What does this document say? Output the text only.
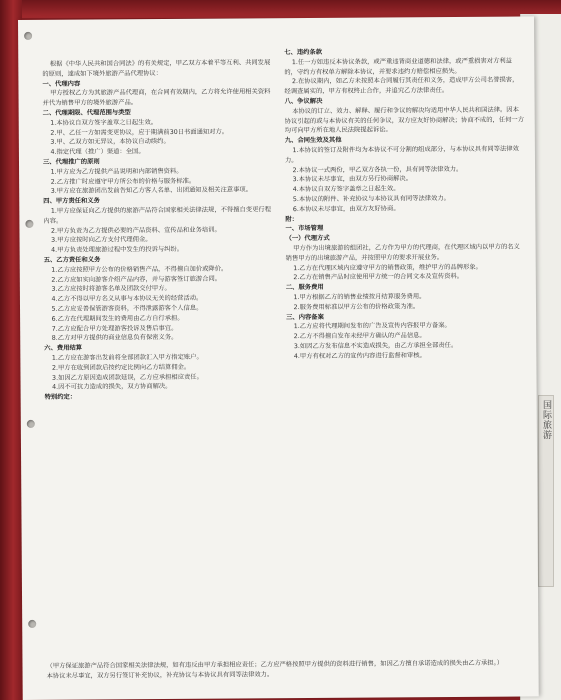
国际旅游

根据《中华人民共和国合同法》的有关规定，甲乙双方本着平等互利、共同发展的原则，達成如下境外旅游产品代理协议：

一、代理内容

甲方授权乙方为其旅游产品代理商，在合同有效期内，乙方将允许使用相关资料并代为销售甲方的境外旅游产品。

二、代理期限、代理范围与类型

1.本协议自双方签字盖章之日起生效。

2.甲、乙任一方如需变更协议，应于期满前30日书面通知对方。

3.甲、乙双方如无异议，本协议自动续约。

4.指定代理（推广）渠道：全国。

三、代理推广的原则

1.甲方应为乙方提供产品说明和内部销售资料。

2.乙方推广时应遵守甲方所公布的价格与服务标准。

3.甲方应在旅游团出发前告知乙方客人名单、出团通知及相关注意事项。

四、甲方责任和义务

1.甲方应保证向乙方提供的旅游产品符合国家相关法律法规，不得擅自变更行程内容。

2.甲方负责为乙方提供必要的产品资料、宣传品和业务培训。

3.甲方应按时向乙方支付代理佣金。

4.甲方负责处理旅游过程中发生的投诉与纠纷。

五、乙方责任和义务

1.乙方应按照甲方公布的价格销售产品，不得擅自加价或降价。

2.乙方应如实向游客介绍产品内容，并与游客签订旅游合同。

3.乙方应按时将游客名单及团款交付甲方。

4.乙方不得以甲方名义从事与本协议无关的经营活动。

5.乙方应妥善保管游客资料，不得泄露游客个人信息。

6.乙方在代理期间发生的费用由乙方自行承担。

7.乙方应配合甲方处理游客投诉及售后事宜。

8.乙方对甲方提供的商业信息负有保密义务。

六、费用结算

1.乙方应在游客出发前将全部团款汇入甲方指定账户。

2.甲方在收到团款后按约定比例向乙方结算佣金。

3.如因乙方原因造成团款延误，乙方应承担相应责任。

4.因不可抗力造成的损失，双方协商解决。

特别约定：

七、违约条款

1.任一方如违反本协议条款，或严重违背商业道德和法律，或严重损害对方利益的，守约方有权单方解除本协议，并要求违约方赔偿相应损失。

2.在协议期内，如乙方未按照本合同履行其责任和义务，造成甲方公司名誉损害，经调查属实的，甲方有权终止合作，并追究乙方法律责任。

八、争议解决

本协议的订立、效力、解释、履行和争议的解决均适用中华人民共和国法律。因本协议引起的或与本协议有关的任何争议，双方应友好协商解决；协商不成的，任何一方均可向甲方所在地人民法院提起诉讼。

九、合同生效及其他

1.本协议的签订及附件均为本协议不可分割的组成部分，与本协议具有同等法律效力。

2.本协议一式两份，甲乙双方各执一份，具有同等法律效力。

3.本协议未尽事宜，由双方另行协商解决。

4.本协议自双方签字盖章之日起生效。

5.本协议的附件、补充协议与本协议具有同等法律效力。

6.本协议未尽事宜，由双方友好协商。

附：

一、市场管理

（一）代理方式

甲方作为出境旅游的组团社，乙方作为甲方的代理商，在代理区域内以甲方的名义销售甲方的出境旅游产品，并按照甲方的要求开展业务。

1.乙方在代理区域内应遵守甲方的销售政策，维护甲方的品牌形象。

2.乙方在销售产品时应使用甲方统一的合同文本及宣传资料。

二、服务费用

1.甲方根据乙方的销售业绩按月结算服务费用。

2.服务费用标准以甲方公布的价格政策为准。

三、内容备案

1.乙方应将代理期间发布的广告及宣传内容报甲方备案。

2.乙方不得擅自发布未经甲方确认的产品信息。

3.如因乙方发布信息不实造成损失，由乙方承担全部责任。

4.甲方有权对乙方的宣传内容进行监督和审核。

（甲方保证旅游产品符合国家相关法律法规，如有违反由甲方承担相应责任；乙方应严格按照甲方提供的资料进行销售，如因乙方擅自承诺造成的损失由乙方承担。）

本协议未尽事宜，双方另行签订补充协议，补充协议与本协议具有同等法律效力。
